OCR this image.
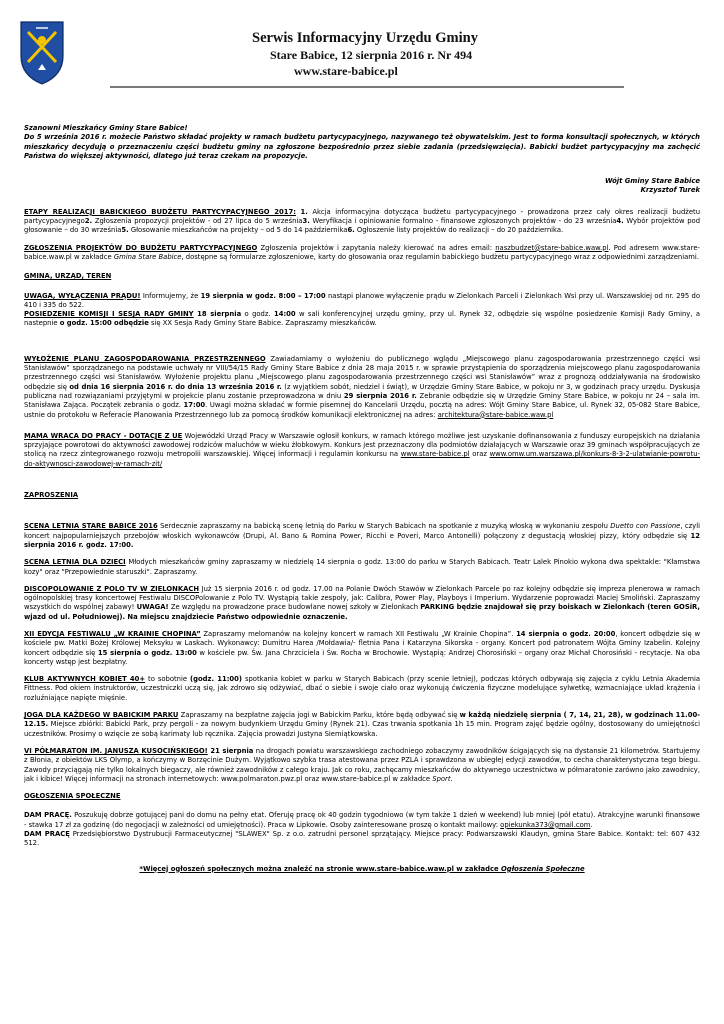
Serwis Informacyjny Urzędu Gminy
Stare Babice, 12 sierpnia 2016 r. Nr 494
www.stare-babice.pl

Szanowni Mieszkańcy Gminy Stare Babice!

Do 5 września 2016 r. możecie Państwo składać projekty w ramach budżetu partycypacyjnego, nazywanego też obywatelskim. Jest to forma konsultacji społecznych, w których mieszkańcy decydują o przeznaczeniu części budżetu gminy na zgłoszone bezpośrednio przez siebie zadania (przedsięwzięcia). Babicki budżet partycypacyjny ma zachęcić Państwa do większej aktywności, dlatego już teraz czekam na propozycje.

Wójt Gminy Stare Babice
Krzysztof Turek

ETAPY REALIZACJI BABICKIEGO BUDŻETU PARTYCYPACYJNEGO 2017: 1. Akcja informacyjna dotycząca budżetu partycypacyjnego - prowadzona przez cały okres realizacji budżetu partycypacyjnego2. Zgłoszenia propozycji projektów - od 27 lipca do 5 września3. Weryfikacja i opiniowanie formalno - finansowe zgłoszonych projektów - do 23 września4. Wybór projektów pod głosowanie – do 30 września5. Głosowanie mieszkańców na projekty – od 5 do 14 października6. Ogłoszenie listy projektów do realizacji – do 20 października.

ZGŁOSZENIA PROJEKTÓW DO BUDŻETU PARTYCYPACYJNEGO Zgłoszenia projektów i zapytania należy kierować na adres email: naszbudzet@stare-babice.waw.pl. Pod adresem www.stare-babice.waw.pl w zakładce Gmina Stare Babice, dostępne są formularze zgłoszeniowe, karty do głosowania oraz regulamin babickiego budżetu partycypacyjnego wraz z odpowiednimi zarządzeniami.

GMINA, URZĄD, TEREN

UWAGA, WYŁĄCZENIA PRĄDU! Informujemy, że 19 sierpnia w godz. 8:00 – 17:00 nastąpi planowe wyłączenie prądu w Zielonkach Parceli i Zielonkach Wsi przy ul. Warszawskiej od nr. 295 do 410 i 335 do 522.

POSIEDZENIE KOMISJI I SESJA RADY GMINY 18 sierpnia o godz. 14:00 w sali konferencyjnej urzędu gminy, przy ul. Rynek 32, odbędzie się wspólne posiedzenie Komisji Rady Gminy, a nastepnie o godz. 15:00 odbędzie się XX Sesja Rady Gminy Stare Babice. Zapraszamy mieszkańców.

WYŁOŻENIE PLANU ZAGOSPODAROWANIA PRZESTRZENNEGO Zawiadamiamy o wyłożeniu do publicznego wglądu „Miejscowego planu zagospodarowania przestrzennego części wsi Stanisławów” sporządzanego na podstawie uchwały nr VIII/54/15 Rady Gminy Stare Babice z dnia 28 maja 2015 r. w sprawie przystąpienia do sporządzenia miejscowego planu zagospodarowania przestrzennego części wsi Stanisławów. Wyłożenie projektu planu „Miejscowego planu zagospodarowania przestrzennego części wsi Stanisławów” wraz z prognozą oddziaływania na środowisko odbędzie się od dnia 16 sierpnia 2016 r. do dnia 13 września 2016 r. (z wyjątkiem sobót, niedziel i świąt), w Urzędzie Gminy Stare Babice, w pokoju nr 3, w godzinach pracy urzędu. Dyskusja publiczna nad rozwiązaniami przyjętymi w projekcie planu zostanie przeprowadzona w dniu 29 sierpnia 2016 r. Zebranie odbędzie się w Urzędzie Gminy Stare Babice, w pokoju nr 24 – sala im. Stanisława Zająca. Początek zebrania o godz. 17:00. Uwagi można składać w formie pisemnej do Kancelarii Urzędu, pocztą na adres: Wójt Gminy Stare Babice, ul. Rynek 32, 05-082 Stare Babice, ustnie do protokołu w Referacie Planowania Przestrzennego lub za pomocą środków komunikacji elektronicznej na adres: architektura@stare-babice.waw.pl

MAMA WRACA DO PRACY - DOTACJE Z UE Wojewódzki Urząd Pracy w Warszawie ogłosił konkurs, w ramach którego możliwe jest uzyskanie dofinansowania z funduszy europejskich na działania sprzyjające powrotowi do aktywności zawodowej rodziców maluchów w wieku żłobkowym. Konkurs jest przeznaczony dla podmiotów działających w Warszawie oraz 39 gminach współpracujących ze stolicą na rzecz zintegrowanego rozwoju metropolii warszawskiej. Więcej informacji i regulamin konkursu na www.stare-babice.pl oraz www.omw.um.warszawa.pl/konkurs-8-3-2-ulatwianie-powrotu-do-aktywnosci-zawodowej-w-ramach-zit/

ZAPROSZENIA

SCENA LETNIA STARE BABICE 2016 Serdecznie zapraszamy na babicką scenę letnią do Parku w Starych Babicach na spotkanie z muzyką włoską w wykonaniu zespołu Duetto con Passione, czyli koncert najpopularniejszych przebojów włoskich wykonawców (Drupi, Al. Bano & Romina Power, Ricchi e Poveri, Marco Antonelli) połączony z degustacją włoskiej pizzy, który odbędzie się 12 sierpnia 2016 r. godz. 17:00.

SCENA LETNIA DLA DZIECI Młodych mieszkańców gminy zapraszamy w niedzielę 14 sierpnia o godz. 13:00 do parku w Starych Babicach. Teatr Lalek Pinokio wykona dwa spektakle: "Kłamstwa kozy" oraz "Przepowiednie staruszki". Zapraszamy.

DISCOPOLOWANIE Z POLO TV W ZIELONKACH Już 15 sierpnia 2016 r. od godz. 17.00 na Polanie Dwóch Stawów w Zielonkach Parcele po raz kolejny odbędzie się impreza plenerowa w ramach ogólnopolskiej trasy koncertowej Festiwalu DISCOPolowanie z Polo TV. Wystąpią takie zespoły, jak: Calibra, Power Play, Playboys i Imperium. Wydarzenie poprowadzi Maciej Smoliński. Zapraszamy wszystkich do wspólnej zabawy! UWAGA! Ze względu na prowadzone prace budowlane nowej szkoły w Zielonkach PARKING będzie znajdował się przy boiskach w Zielonkach (teren GOSiR, wjazd od ul. Południowej). Na miejscu znajdziecie Państwo odpowiednie oznaczenie.

XII EDYCJA FESTIWALU „W KRAINIE CHOPINA” Zapraszamy melomanów na kolejny koncert w ramach XII Festiwalu „W Krainie Chopina”. 14 sierpnia o godz. 20:00, koncert odbędzie się w kościele pw. Matki Bożej Królowej Meksyku w Laskach. Wykonawcy: Dumitru Harea /Mołdawia/- fletnia Pana i Katarzyna Sikorska - organy. Koncert pod patronatem Wójta Gminy Izabelin. Kolejny koncert odbędzie się 15 sierpnia o godz. 13:00 w kościele pw. Św. Jana Chrzciciela i Św. Rocha w Brochowie. Wystąpią: Andrzej Chorosiński – organy oraz Michał Chorosiński - recytacje. Na oba koncerty wstęp jest bezpłatny.

KLUB AKTYWNYCH KOBIET 40+ to sobotnie (godz. 11:00) spotkania kobiet w parku w Starych Babicach (przy scenie letniej), podczas których odbywają się zajęcia z cyklu Letnia Akademia Fittness. Pod okiem instruktorów, uczestniczki uczą się, jak zdrowo się odżywiać, dbać o siebie i swoje ciało oraz wykonują ćwiczenia fizyczne modelujące sylwetkę, wzmacniające układ krążenia i rozluźniające napięte mięśnie.

JOGA DLA KAŻDEGO W BABICKIM PARKU Zapraszamy na bezpłatne zajęcia jogi w Babickim Parku, które będą odbywać się w każdą niedzielę sierpnia ( 7, 14, 21, 28), w godzinach 11.00-12.15. Miejsce zbiórki: Babicki Park, przy pergoli - za nowym budynkiem Urzędu Gminy (Rynek 21). Czas trwania spotkania 1h 15 min. Program zajęć będzie ogólny, dostosowany do umiejętności uczestników. Prosimy o wzięcie ze sobą karimaty lub ręcznika. Zajęcia prowadzi Justyna Siemiątkowska.

VI PÓŁMARATON IM. JANUSZA KUSOCIŃSKIEGO! 21 sierpnia na drogach powiatu warszawskiego zachodniego zobaczymy zawodników ścigających się na dystansie 21 kilometrów. Startujemy z Błonia, z obiektów LKS Olymp, a kończymy w Borzęcinie Dużym. Wyjątkowo szybka trasa atestowana przez PZLA i sprawdzona w ubiegłej edycji zawodów, to cecha charakterystyczna tego biegu. Zawody przyciągają nie tylko lokalnych biegaczy, ale również zawodników z całego kraju. Jak co roku, zachęcamy mieszkańców do aktywnego uczestnictwa w półmaratonie zarówno jako zawodnicy, jak i kibice! Więcej informacji na stronach internetowych: www.polmaraton.pwz.pl oraz www.stare-babice.pl w zakładce Sport.

OGŁOSZENIA SPOŁECZNE

DAM PRACĘ. Poszukuję dobrze gotującej pani do domu na pełny etat. Oferuję pracę ok 40 godzin tygodniowo (w tym także 1 dzień w weekend) lub mniej (pół etatu). Atrakcyjne warunki finansowe - stawka 17 zł za godzinę (do negocjacji w zależności od umiejętności). Praca w Lipkowie. Osoby zainteresowane proszę o kontakt mailowy: opiekunka373@gmail.com.

DAM PRACĘ Przedsiębiorstwo Dystrubucji Farmaceutycznej "SLAWEX" Sp. z o.o. zatrudni personel sprzątający. Miejsce pracy: Podwarszawski Klaudyn, gmina Stare Babice. Kontakt: tel: 607 432 512.

*Więcej ogłoszeń społecznych można znaleźć na stronie www.stare-babice.waw.pl w zakładce Ogłoszenia Społeczne
